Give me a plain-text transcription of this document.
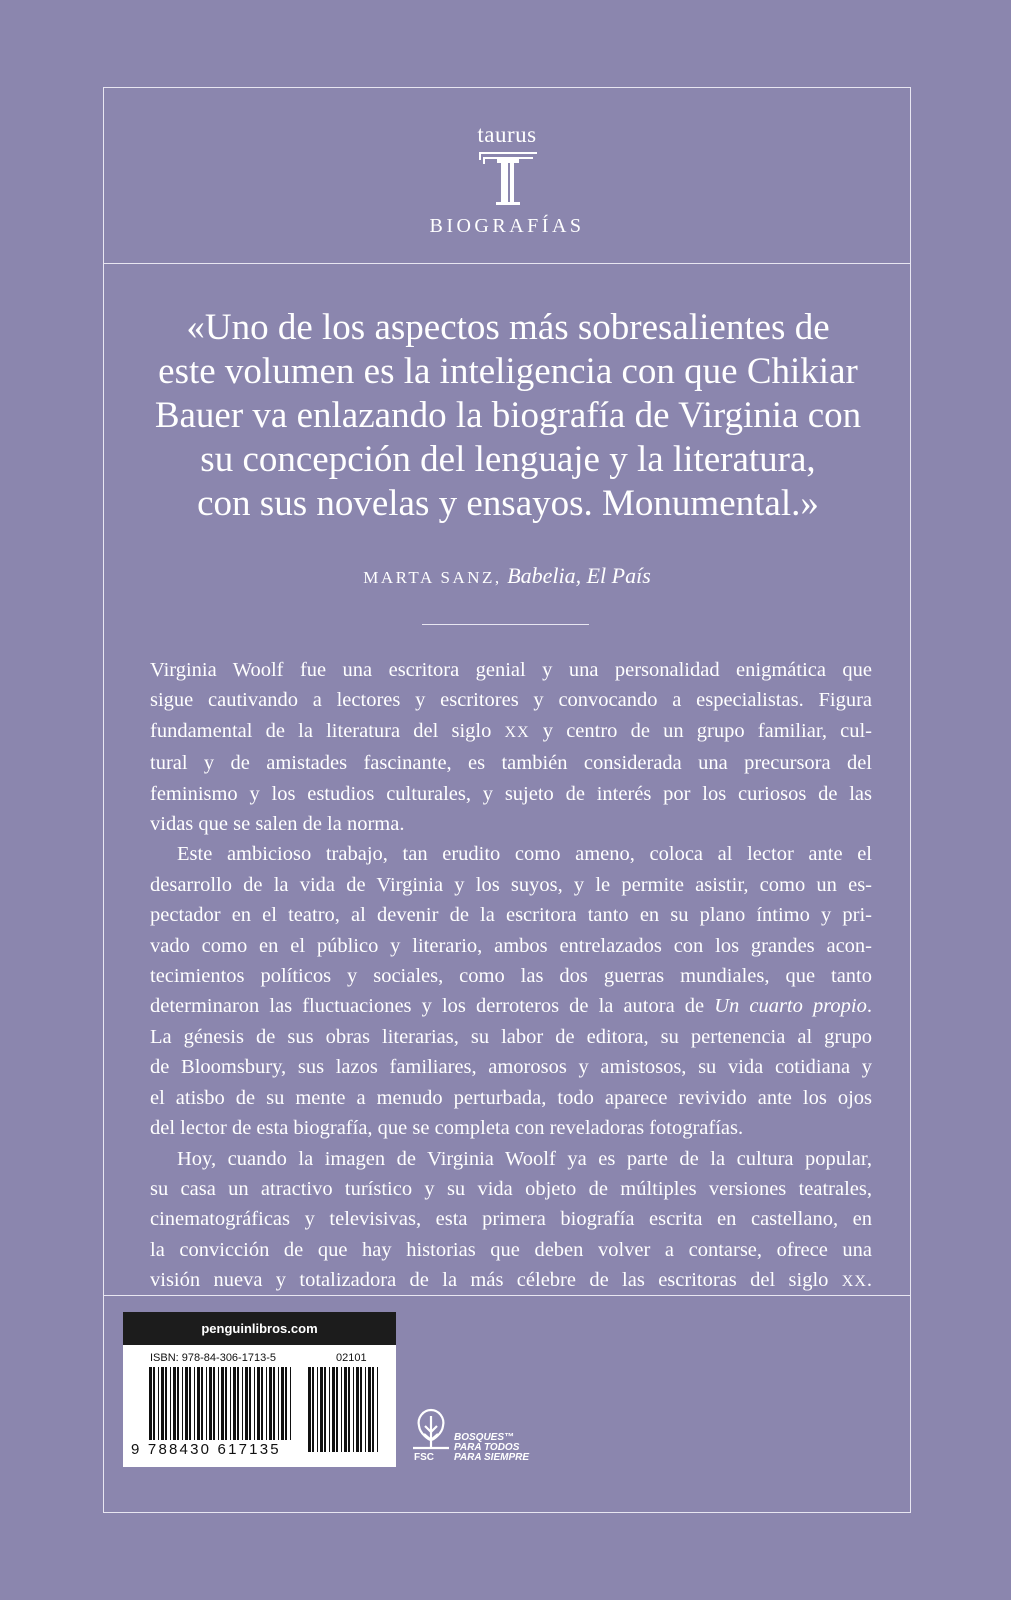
taurus
BIOGRAFÍAS
«Uno de los aspectos más sobresalientes de
este volumen es la inteligencia con que Chikiar
Bauer va enlazando la biografía de Virginia con
su concepción del lenguaje y la literatura,
con sus novelas y ensayos. Monumental.»
MARTA SANZ, Babelia, El País
Virginia Woolf fue una escritora genial y una personalidad enigmática que
sigue cautivando a lectores y escritores y convocando a especialistas. Figura
fundamental de la literatura del siglo XX y centro de un grupo familiar, cul-
tural y de amistades fascinante, es también considerada una precursora del
feminismo y los estudios culturales, y sujeto de interés por los curiosos de las
vidas que se salen de la norma.
Este ambicioso trabajo, tan erudito como ameno, coloca al lector ante el
desarrollo de la vida de Virginia y los suyos, y le permite asistir, como un es-
pectador en el teatro, al devenir de la escritora tanto en su plano íntimo y pri-
vado como en el público y literario, ambos entrelazados con los grandes acon-
tecimientos políticos y sociales, como las dos guerras mundiales, que tanto
determinaron las fluctuaciones y los derroteros de la autora de Un cuarto propio.
La génesis de sus obras literarias, su labor de editora, su pertenencia al grupo
de Bloomsbury, sus lazos familiares, amorosos y amistosos, su vida cotidiana y
el atisbo de su mente a menudo perturbada, todo aparece revivido ante los ojos
del lector de esta biografía, que se completa con reveladoras fotografías.
Hoy, cuando la imagen de Virginia Woolf ya es parte de la cultura popular,
su casa un atractivo turístico y su vida objeto de múltiples versiones teatrales,
cinematográficas y televisivas, esta primera biografía escrita en castellano, en
la convicción de que hay historias que deben volver a contarse, ofrece una
visión nueva y totalizadora de la más célebre de las escritoras del siglo XX.
penguinlibros.com
ISBN: 978-84-306-1713-5	02101
9 788430 617135
BOSQUES™
PARA TODOS
PARA SIEMPRE
FSC
